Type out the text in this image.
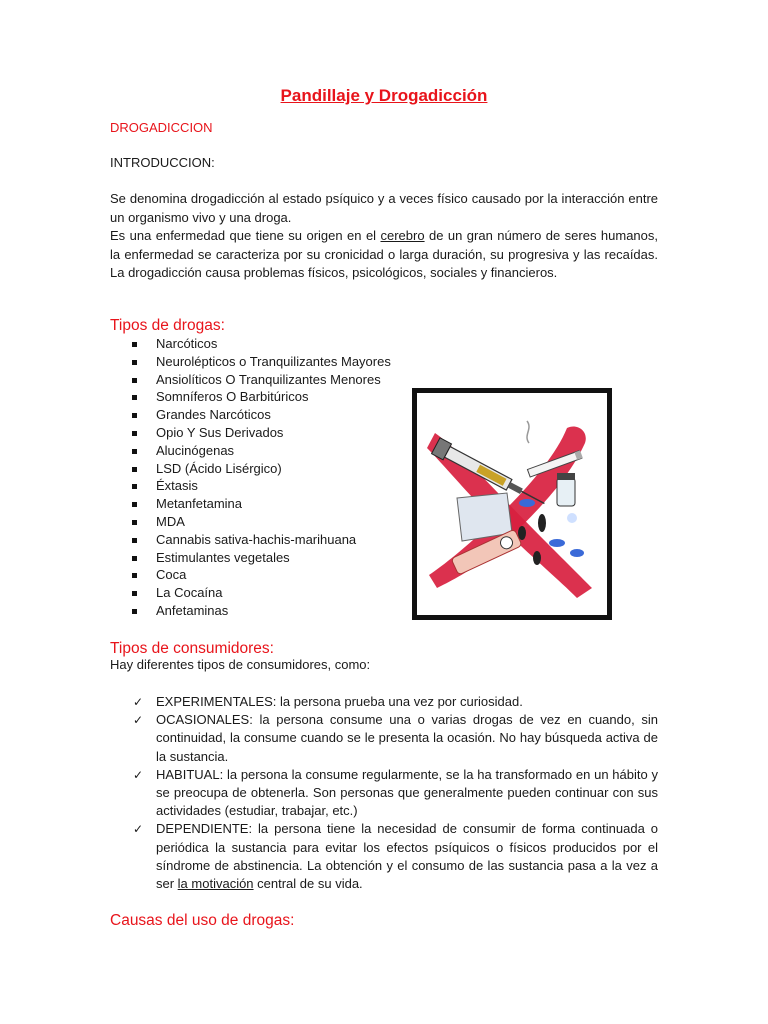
Pandillaje y Drogadicción
DROGADICCION
INTRODUCCION:
Se denomina drogadicción al estado psíquico y a veces físico causado por la interacción entre un organismo vivo y una droga.
Es una enfermedad que tiene su origen en el cerebro de un gran número de seres humanos, la enfermedad se caracteriza por su cronicidad o larga duración, su progresiva y las recaídas. La drogadicción causa problemas físicos, psicológicos, sociales y financieros.
Tipos de drogas:
Narcóticos
Neurolépticos o Tranquilizantes Mayores
Ansiolíticos O Tranquilizantes Menores
Somníferos O Barbitúricos
Grandes Narcóticos
Opio Y Sus Derivados
Alucinógenas
LSD (Ácido Lisérgico)
Éxtasis
Metanfetamina
MDA
Cannabis sativa-hachis-marihuana
Estimulantes vegetales
Coca
La Cocaína
Anfetaminas
Tipos de consumidores:
Hay diferentes tipos de consumidores, como:
✓ EXPERIMENTALES: la persona prueba una vez por curiosidad.
✓ OCASIONALES: la persona consume una o varias drogas de vez en cuando, sin continuidad, la consume cuando se le presenta la ocasión. No hay búsqueda activa de la sustancia.
✓ HABITUAL: la persona la consume regularmente, se la ha transformado en un hábito y se preocupa de obtenerla. Son personas que generalmente pueden continuar con sus actividades (estudiar, trabajar, etc.)
✓ DEPENDIENTE: la persona tiene la necesidad de consumir de forma continuada o periódica la sustancia para evitar los efectos psíquicos o físicos producidos por el síndrome de abstinencia. La obtención y el consumo de las sustancia pasa a la vez a ser la motivación central de su vida.
Causas del uso de drogas:
